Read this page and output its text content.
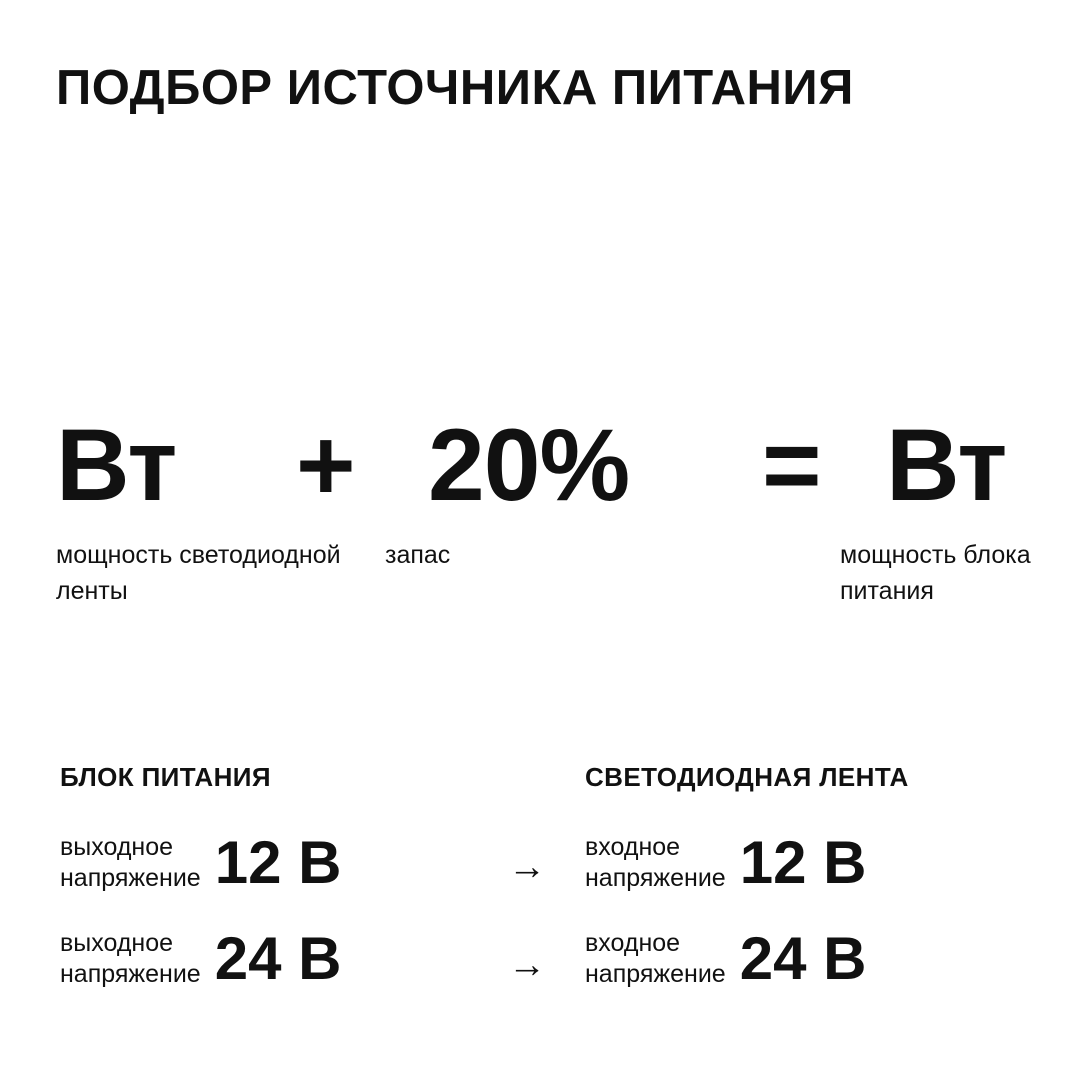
ПОДБОР ИСТОЧНИКА ПИТАНИЯ
Вт + 20% = Вт
мощность светодиодной ленты
запас	мощность блока питания
БЛОК ПИТАНИЯ
выходное
напряжение 12 В
выходное
напряжение 24 В
→
→
СВЕТОДИОДНАЯ ЛЕНТА
входное
напряжение 12 В
входное
напряжение 24 В
